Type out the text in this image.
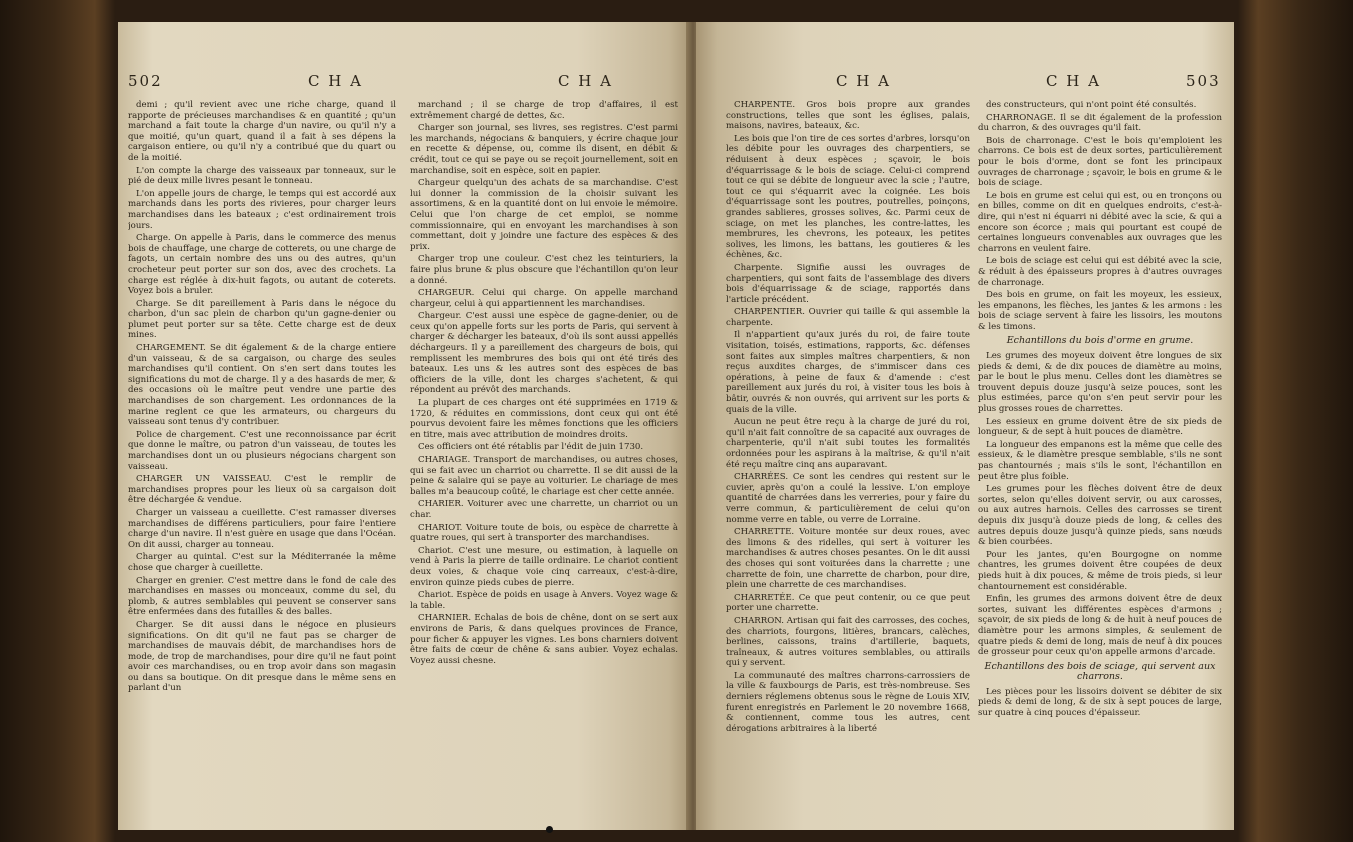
502	C H A	C H A

demi ; qu'il revient avec une riche charge, quand il rapporte de précieuses marchandises & en quantité ; qu'un marchand a fait toute la charge d'un navire, ou qu'il n'y a que moitié, qu'un quart, quand il a fait à ses dépens la cargaison entiere, ou qu'il n'y a contribué que du quart ou de la moitié.

L'on compte la charge des vaisseaux par tonneaux, sur le pié de deux mille livres pesant le tonneau.

L'on appelle jours de charge, le temps qui est accordé aux marchands dans les ports des rivieres, pour charger leurs marchandises dans les bateaux ; c'est ordinairement trois jours.

Charge. On appelle à Paris, dans le commerce des menus bois de chauffage, une charge de cotterets, ou une charge de fagots, un certain nombre des uns ou des autres, qu'un crocheteur peut porter sur son dos, avec des crochets. La charge est réglée à dix-huit fagots, ou autant de coterets. Voyez bois a bruler.

Charge. Se dit pareillement à Paris dans le négoce du charbon, d'un sac plein de charbon qu'un gagne-denier ou plumet peut porter sur sa tête. Cette charge est de deux mines.

CHARGEMENT. Se dit également & de la charge entiere d'un vaisseau, & de sa cargaison, ou charge des seules marchandises qu'il contient. On s'en sert dans toutes les significations du mot de charge. Il y a des hasards de mer, & des occasions où le maître peut vendre une partie des marchandises de son chargement. Les ordonnances de la marine reglent ce que les armateurs, ou chargeurs du vaisseau sont tenus d'y contribuer.

Police de chargement. C'est une reconnoissance par écrit que donne le maître, ou patron d'un vaisseau, de toutes les marchandises dont un ou plusieurs négocians chargent son vaisseau.

CHARGER UN VAISSEAU. C'est le remplir de marchandises propres pour les lieux où sa cargaison doit être déchargée & vendue.

Charger un vaisseau a cueillette. C'est ramasser diverses marchandises de différens particuliers, pour faire l'entiere charge d'un navire. Il n'est guère en usage que dans l'Océan. On dit aussi, charger au tonneau.

Charger au quintal. C'est sur la Méditerranée la même chose que charger à cueillette.

Charger en grenier. C'est mettre dans le fond de cale des marchandises en masses ou monceaux, comme du sel, du plomb, & autres semblables qui peuvent se conserver sans être enfermées dans des futailles & des balles.

Charger. Se dit aussi dans le négoce en plusieurs significations. On dit qu'il ne faut pas se charger de marchandises de mauvais débit, de marchandises hors de mode, de trop de marchandises, pour dire qu'il ne faut point avoir ces marchandises, ou en trop avoir dans son magasin ou dans sa boutique. On dit presque dans le même sens en parlant d'un

marchand ; il se charge de trop d'affaires, il est extrêmement chargé de dettes, &c.

Charger son journal, ses livres, ses registres. C'est parmi les marchands, négocians & banquiers, y écrire chaque jour en recette & dépense, ou, comme ils disent, en débit & crédit, tout ce qui se paye ou se reçoit journellement, soit en marchandise, soit en espèce, soit en papier.

Chargeur quelqu'un des achats de sa marchandise. C'est lui donner la commission de la choisir suivant les assortimens, & en la quantité dont on lui envoie le mémoire. Celui que l'on charge de cet emploi, se nomme commissionnaire, qui en envoyant les marchandises à son commettant, doit y joindre une facture des espèces & des prix.

Charger trop une couleur. C'est chez les teinturiers, la faire plus brune & plus obscure que l'échantillon qu'on leur a donné.

CHARGEUR. Celui qui charge. On appelle marchand chargeur, celui à qui appartiennent les marchandises.

Chargeur. C'est aussi une espèce de gagne-denier, ou de ceux qu'on appelle forts sur les ports de Paris, qui servent à charger & décharger les bateaux, d'où ils sont aussi appellés déchargeurs. Il y a pareillement des chargeurs de bois, qui remplissent les membrures des bois qui ont été tirés des bateaux. Les uns & les autres sont des espèces de bas officiers de la ville, dont les charges s'achetent, & qui répondent au prévôt des marchands.

La plupart de ces charges ont été supprimées en 1719 & 1720, & réduites en commissions, dont ceux qui ont été pourvus devoient faire les mêmes fonctions que les officiers en titre, mais avec attribution de moindres droits.

Ces officiers ont été rétablis par l'édit de juin 1730.

CHARIAGE. Transport de marchandises, ou autres choses, qui se fait avec un charriot ou charrette. Il se dit aussi de la peine & salaire qui se paye au voiturier. Le chariage de mes balles m'a beaucoup coûté, le chariage est cher cette année.

CHARIER. Voiturer avec une charrette, un charriot ou un char.

CHARIOT. Voiture toute de bois, ou espèce de charrette à quatre roues, qui sert à transporter des marchandises.

Chariot. C'est une mesure, ou estimation, à laquelle on vend à Paris la pierre de taille ordinaire. Le chariot contient deux voies, & chaque voie cinq carreaux, c'est-à-dire, environ quinze pieds cubes de pierre.

Chariot. Espèce de poids en usage à Anvers. Voyez wage & la table.

CHARNIER. Echalas de bois de chêne, dont on se sert aux environs de Paris, & dans quelques provinces de France, pour ficher & appuyer les vignes. Les bons charniers doivent être faits de cœur de chêne & sans aubier. Voyez echalas. Voyez aussi chesne.

C H A	C H A	503

CHARPENTE. Gros bois propre aux grandes constructions, telles que sont les églises, palais, maisons, navires, bateaux, &c.

Les bois que l'on tire de ces sortes d'arbres, lorsqu'on les débite pour les ouvrages des charpentiers, se réduisent à deux espèces ; sçavoir, le bois d'équarrissage & le bois de sciage. Celui-ci comprend tout ce qui se débite de longueur avec la scie ; l'autre, tout ce qui s'équarrit avec la coignée. Les bois d'équarrissage sont les poutres, poutrelles, poinçons, grandes sablieres, grosses solives, &c. Parmi ceux de sciage, on met les planches, les contre-lattes, les membrures, les chevrons, les poteaux, les petites solives, les limons, les battans, les goutieres & les échènes, &c.

Charpente. Signifie aussi les ouvrages de charpentiers, qui sont faits de l'assemblage des divers bois d'équarrissage & de sciage, rapportés dans l'article précédent.

CHARPENTIER. Ouvrier qui taille & qui assemble la charpente.

Il n'appartient qu'aux jurés du roi, de faire toute visitation, toisés, estimations, rapports, &c. défenses sont faites aux simples maîtres charpentiers, & non reçus auxdites charges, de s'immiscer dans ces opérations, à peine de faux & d'amende : c'est pareillement aux jurés du roi, à visiter tous les bois à bâtir, ouvrés & non ouvrés, qui arrivent sur les ports & quais de la ville.

Aucun ne peut être reçu à la charge de juré du roi, qu'il n'ait fait connoître de sa capacité aux ouvrages de charpenterie, qu'il n'ait subi toutes les formalités ordonnées pour les aspirans à la maîtrise, & qu'il n'ait été reçu maître cinq ans auparavant.

CHARRÉES. Ce sont les cendres qui restent sur le cuvier, après qu'on a coulé la lessive. L'on employe quantité de charrées dans les verreries, pour y faire du verre commun, & particulièrement de celui qu'on nomme verre en table, ou verre de Lorraine.

CHARRETTE. Voiture montée sur deux roues, avec des limons & des ridelles, qui sert à voiturer les marchandises & autres choses pesantes. On le dit aussi des choses qui sont voiturées dans la charrette ; une charrette de foin, une charrette de charbon, pour dire, plein une charrette de ces marchandises.

CHARRETÉE. Ce que peut contenir, ou ce que peut porter une charrette.

CHARRON. Artisan qui fait des carrosses, des coches, des charriots, fourgons, litières, brancars, calèches, berlines, caissons, trains d'artillerie, baquets, traîneaux, & autres voitures semblables, ou attirails qui y servent.

La communauté des maîtres charrons-carrossiers de la ville & fauxbourgs de Paris, est très-nombreuse. Ses derniers réglemens obtenus sous le règne de Louis XIV, furent enregistrés en Parlement le 20 novembre 1668, & contiennent, comme tous les autres, cent dérogations arbitraires à la liberté

des constructeurs, qui n'ont point été consultés.

CHARRONAGE. Il se dit également de la profession du charron, & des ouvrages qu'il fait.

Bois de charronage. C'est le bois qu'emploient les charrons. Ce bois est de deux sortes, particulièrement pour le bois d'orme, dont se font les principaux ouvrages de charronage ; sçavoir, le bois en grume & le bois de sciage.

Le bois en grume est celui qui est, ou en tronçons ou en billes, comme on dit en quelques endroits, c'est-à-dire, qui n'est ni équarri ni débité avec la scie, & qui a encore son écorce ; mais qui pourtant est coupé de certaines longueurs convenables aux ouvrages que les charrons en veulent faire.

Le bois de sciage est celui qui est débité avec la scie, & réduit à des épaisseurs propres à d'autres ouvrages de charronage.

Des bois en grume, on fait les moyeux, les essieux, les empanons, les flèches, les jantes & les armons : les bois de sciage servent à faire les lissoirs, les moutons & les timons.

Echantillons du bois d'orme en grume.

Les grumes des moyeux doivent être longues de six pieds & demi, & de dix pouces de diamètre au moins, par le bout le plus menu. Celles dont les diamètres se trouvent depuis douze jusqu'à seize pouces, sont les plus estimées, parce qu'on s'en peut servir pour les plus grosses roues de charrettes.

Les essieux en grume doivent être de six pieds de longueur, & de sept à huit pouces de diamètre.

La longueur des empanons est la même que celle des essieux, & le diamètre presque semblable, s'ils ne sont pas chantournés ; mais s'ils le sont, l'échantillon en peut être plus foible.

Les grumes pour les flèches doivent être de deux sortes, selon qu'elles doivent servir, ou aux carosses, ou aux autres harnois. Celles des carrosses se tirent depuis dix jusqu'à douze pieds de long, & celles des autres depuis douze jusqu'à quinze pieds, sans nœuds & bien courbées.

Pour les jantes, qu'en Bourgogne on nomme chantres, les grumes doivent être coupées de deux pieds huit à dix pouces, & même de trois pieds, si leur chantournement est considérable.

Enfin, les grumes des armons doivent être de deux sortes, suivant les différentes espèces d'armons ; sçavoir, de six pieds de long & de huit à neuf pouces de diamètre pour les armons simples, & seulement de quatre pieds & demi de long, mais de neuf à dix pouces de grosseur pour ceux qu'on appelle armons d'arcade.

Echantillons des bois de sciage, qui servent aux charrons.

Les pièces pour les lissoirs doivent se débiter de six pieds & demi de long, & de six à sept pouces de large, sur quatre à cinq pouces d'épaisseur.
